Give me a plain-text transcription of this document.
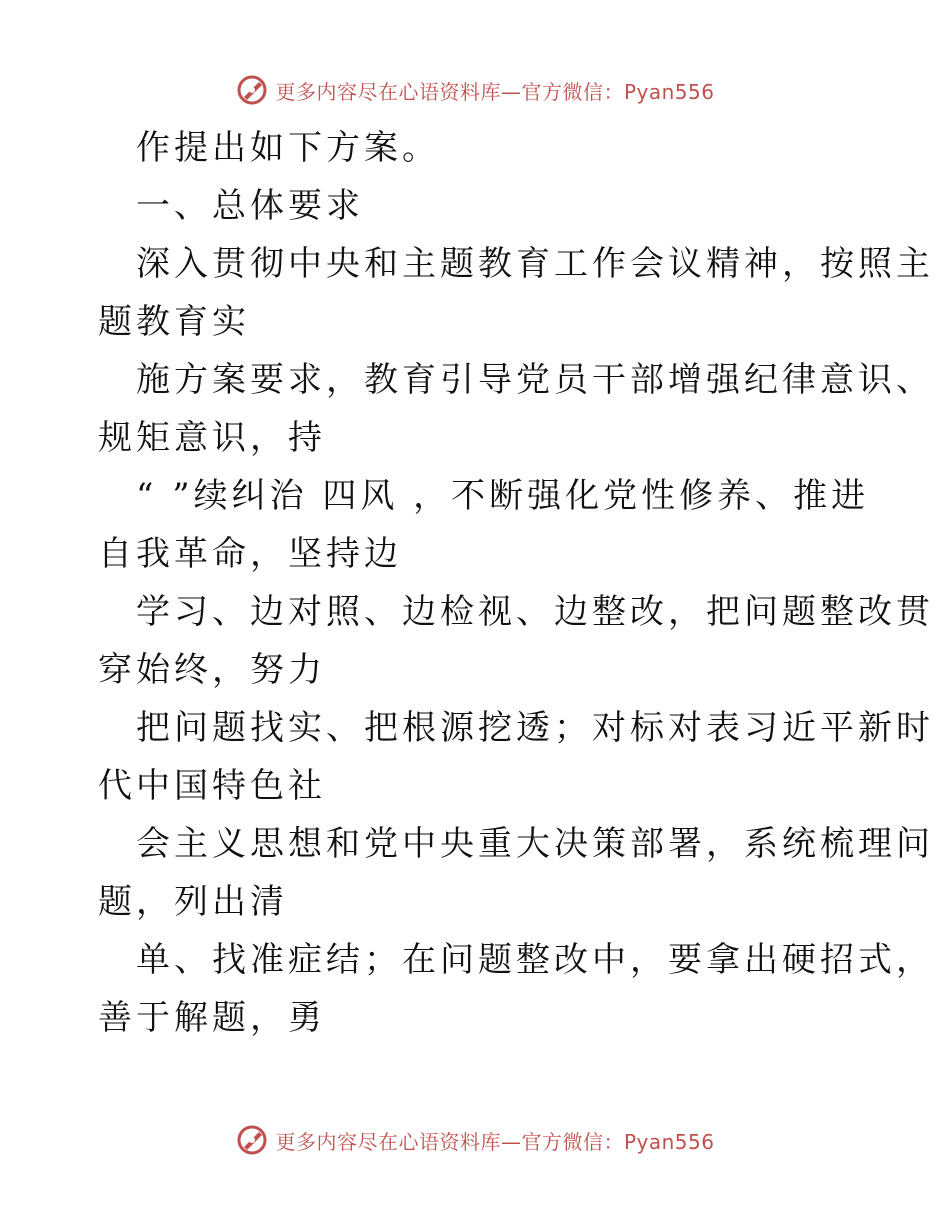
更多内容尽在心语资料库—官方微信：Pyan556
作提出如下方案。
一、总体要求
深入贯彻中央和主题教育工作会议精神，按照主
题教育实
施方案要求，教育引导党员干部增强纪律意识、
规矩意识，持
“ ”续纠治 四风 ，不断强化党性修养、推进
自我革命，坚持边
学习、边对照、边检视、边整改，把问题整改贯
穿始终，努力
把问题找实、把根源挖透；对标对表习近平新时
代中国特色社
会主义思想和党中央重大决策部署，系统梳理问
题，列出清
单、找准症结；在问题整改中，要拿出硬招式，
善于解题，勇
更多内容尽在心语资料库—官方微信：Pyan556
